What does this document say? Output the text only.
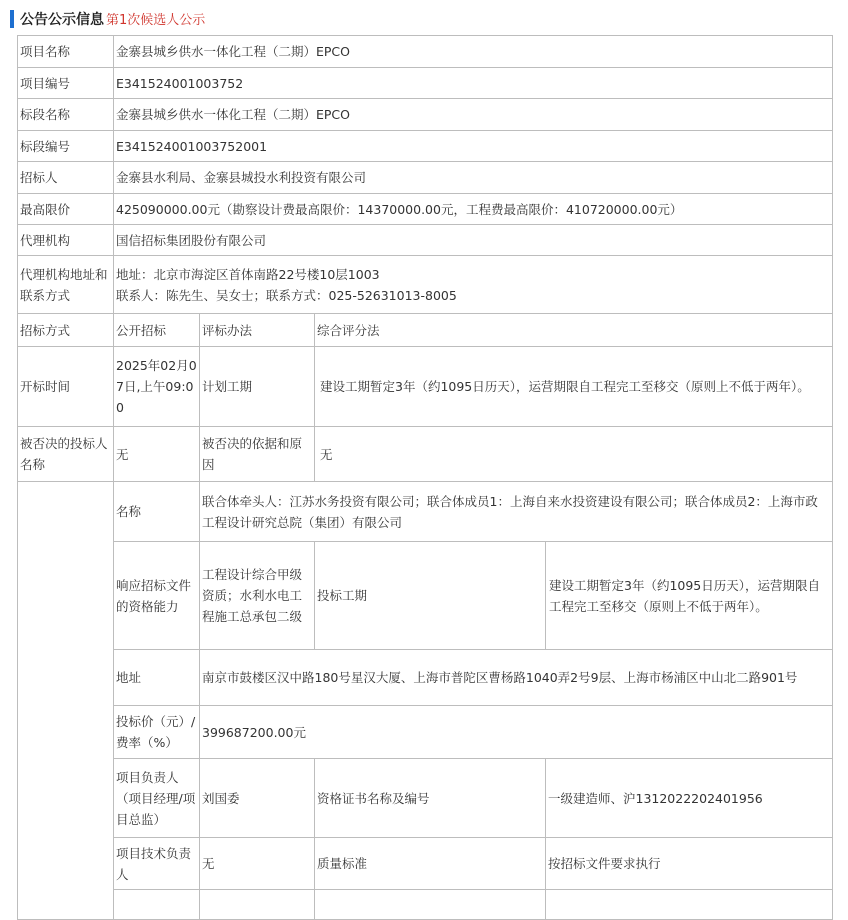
公告公示信息 第1次候选人公示
项目名称	金寨县城乡供水一体化工程（二期）EPCO			
项目编号	E341524001003752			
标段名称	金寨县城乡供水一体化工程（二期）EPCO			
标段编号	E341524001003752001			
招标人	金寨县水利局、金寨县城投水利投资有限公司			
最高限价	425090000.00元（勘察设计费最高限价：14370000.00元，工程费最高限价：410720000.00元）			
代理机构	国信招标集团股份有限公司			
代理机构地址和联系方式	地址：北京市海淀区首体南路22号楼10层1003
联系人：陈先生、吴女士；联系方式：025-52631013-8005			

招标方式	公开招标	评标办法	综合评分法	
开标时间	2025年02月07日,上午09:00	计划工期	建设工期暂定3年（约1095日历天），运营期限自工程完工至移交（原则上不低于两年）。	
被否决的投标人名称	无	被否决的依据和原因	无	
	名称	联合体牵头人：江苏水务投资有限公司；联合体成员1：上海自来水投资建设有限公司；联合体成员2：上海市政工程设计研究总院（集团）有限公司		
	响应招标文件的资格能力	工程设计综合甲级资质；水利水电工程施工总承包二级	投标工期	建设工期暂定3年（约1095日历天），运营期限自工程完工至移交（原则上不低于两年）。
	地址	南京市鼓楼区汉中路180号星汉大厦、上海市普陀区曹杨路1040弄2号9层、上海市杨浦区中山北二路901号		
	投标价（元）/费率（%）	399687200.00元		
	项目负责人（项目经理/项目总监）	刘国委	资格证书名称及编号	一级建造师、沪1312022202401956
	项目技术负责人	无	质量标准	按招标文件要求执行
